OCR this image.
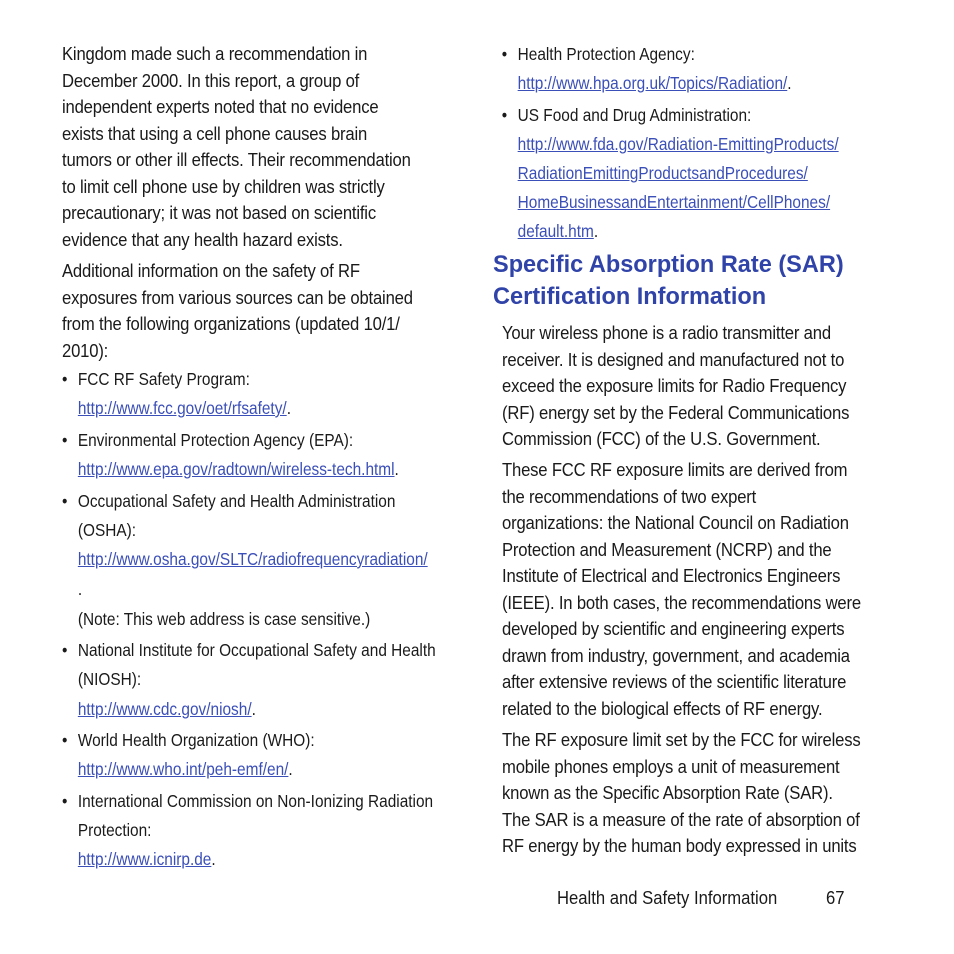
Kingdom made such a recommendation in
December 2000. In this report, a group of
independent experts noted that no evidence
exists that using a cell phone causes brain
tumors or other ill effects. Their recommendation
to limit cell phone use by children was strictly
precautionary; it was not based on scientific
evidence that any health hazard exists.
Additional information on the safety of RF
exposures from various sources can be obtained
from the following organizations (updated 10/1/
2010):
• FCC RF Safety Program:
http://www.fcc.gov/oet/rfsafety/.
• Environmental Protection Agency (EPA):
http://www.epa.gov/radtown/wireless-tech.html.
• Occupational Safety and Health Administration
(OSHA):
http://www.osha.gov/SLTC/radiofrequencyradiation/
.
(Note: This web address is case sensitive.)
• National Institute for Occupational Safety and Health
(NIOSH):
http://www.cdc.gov/niosh/.
• World Health Organization (WHO):
http://www.who.int/peh-emf/en/.
• International Commission on Non-Ionizing Radiation
Protection:
http://www.icnirp.de.
• Health Protection Agency:
http://www.hpa.org.uk/Topics/Radiation/.
• US Food and Drug Administration:
http://www.fda.gov/Radiation-EmittingProducts/
RadiationEmittingProductsandProcedures/
HomeBusinessandEntertainment/CellPhones/
default.htm.
Specific Absorption Rate (SAR)
Certification Information
Your wireless phone is a radio transmitter and
receiver. It is designed and manufactured not to
exceed the exposure limits for Radio Frequency
(RF) energy set by the Federal Communications
Commission (FCC) of the U.S. Government.
These FCC RF exposure limits are derived from
the recommendations of two expert
organizations: the National Council on Radiation
Protection and Measurement (NCRP) and the
Institute of Electrical and Electronics Engineers
(IEEE). In both cases, the recommendations were
developed by scientific and engineering experts
drawn from industry, government, and academia
after extensive reviews of the scientific literature
related to the biological effects of RF energy.
The RF exposure limit set by the FCC for wireless
mobile phones employs a unit of measurement
known as the Specific Absorption Rate (SAR).
The SAR is a measure of the rate of absorption of
RF energy by the human body expressed in units
Health and Safety Information	67
